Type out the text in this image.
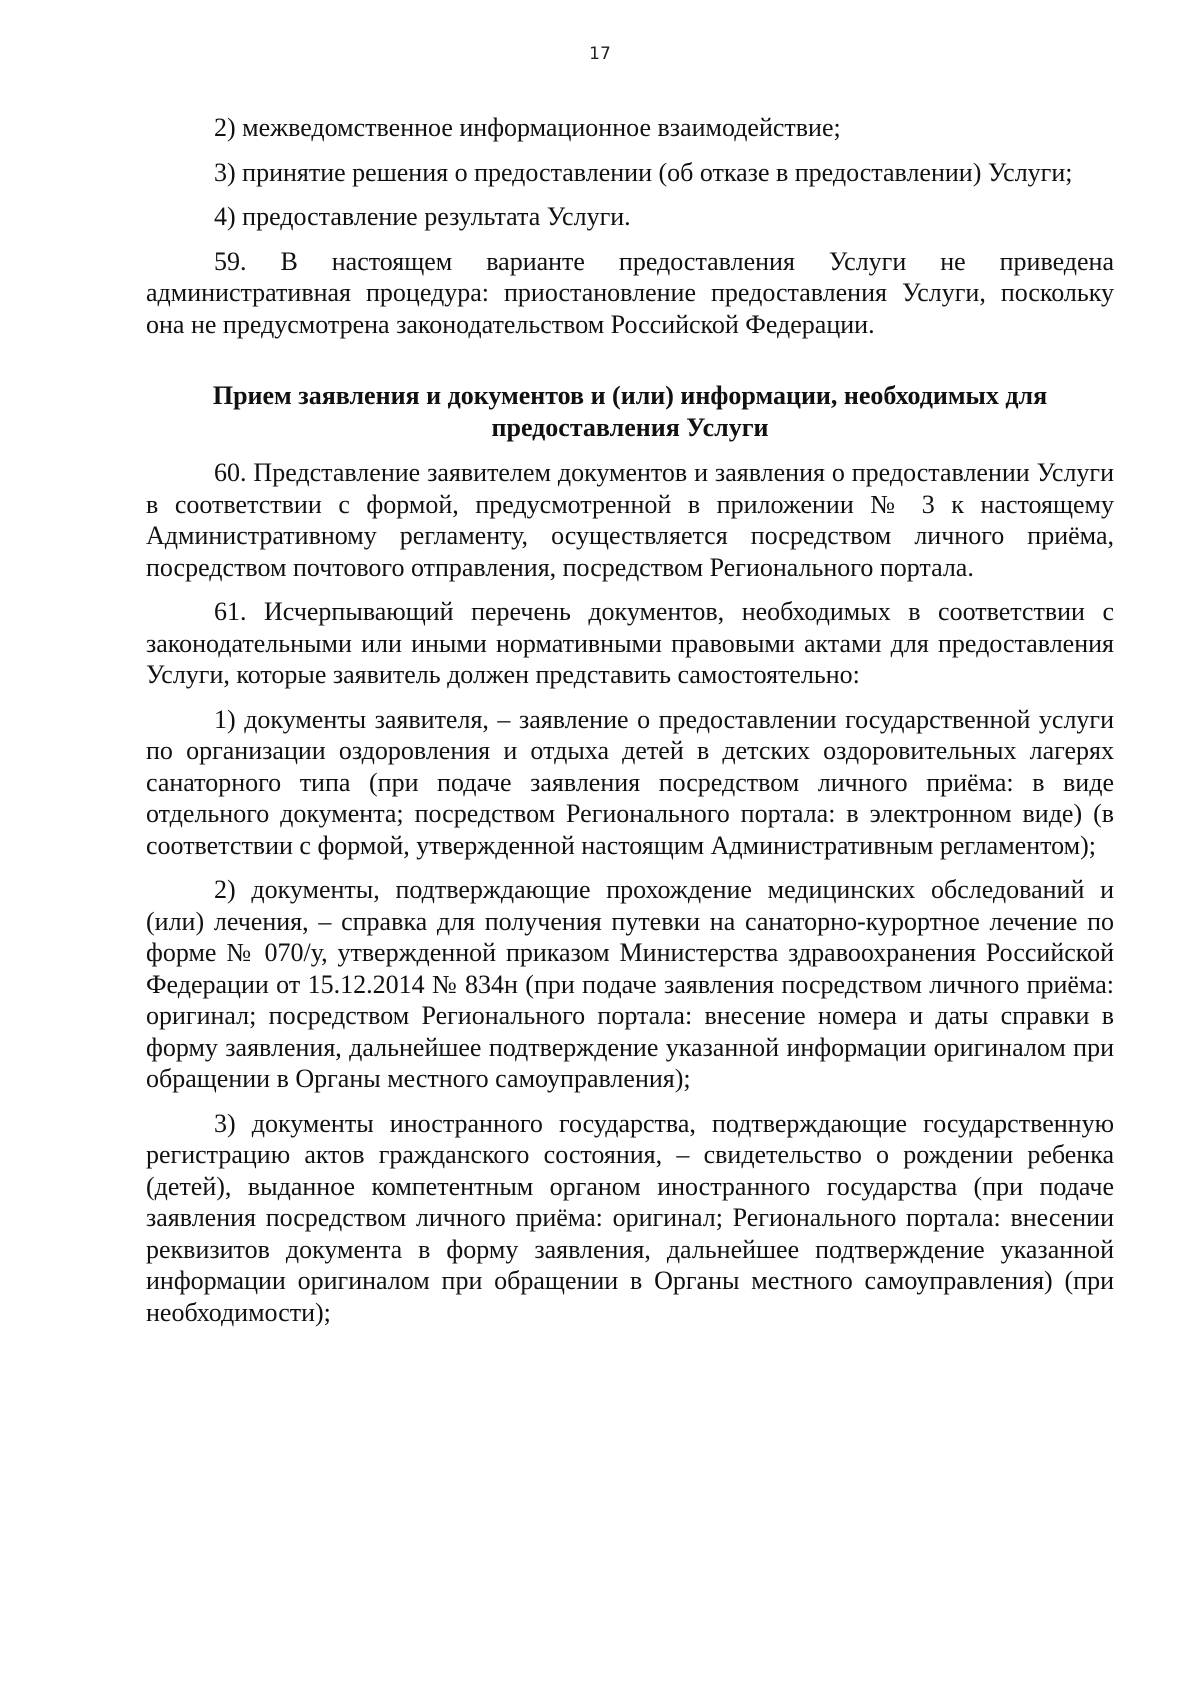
17

2) межведомственное информационное взаимодействие;

3) принятие решения о предоставлении (об отказе в предоставлении) Услуги;

4) предоставление результата Услуги.

59. В настоящем варианте предоставления Услуги не приведена административная процедура: приостановление предоставления Услуги, поскольку она не предусмотрена законодательством Российской Федерации.

Прием заявления и документов и (или) информации, необходимых для предоставления Услуги

60. Представление заявителем документов и заявления о предоставлении Услуги в соответствии с формой, предусмотренной в приложении № 3 к настоящему Административному регламенту, осуществляется посредством личного приёма, посредством почтового отправления, посредством Регионального портала.

61. Исчерпывающий перечень документов, необходимых в соответствии с законодательными или иными нормативными правовыми актами для предоставления Услуги, которые заявитель должен представить самостоятельно:

1) документы заявителя, – заявление о предоставлении государственной услуги по организации оздоровления и отдыха детей в детских оздоровительных лагерях санаторного типа (при подаче заявления посредством личного приёма: в виде отдельного документа; посредством Регионального портала: в электронном виде) (в соответствии с формой, утвержденной настоящим Административным регламентом);

2) документы, подтверждающие прохождение медицинских обследований и (или) лечения, – справка для получения путевки на санаторно-курортное лечение по форме № 070/у, утвержденной приказом Министерства здравоохранения Российской Федерации от 15.12.2014 № 834н (при подаче заявления посредством личного приёма: оригинал; посредством Регионального портала: внесение номера и даты справки в форму заявления, дальнейшее подтверждение указанной информации оригиналом при обращении в Органы местного самоуправления);

3) документы иностранного государства, подтверждающие государственную регистрацию актов гражданского состояния, – свидетельство о рождении ребенка (детей), выданное компетентным органом иностранного государства (при подаче заявления посредством личного приёма: оригинал; Регионального портала: внесении реквизитов документа в форму заявления, дальнейшее подтверждение указанной информации оригиналом при обращении в Органы местного самоуправления) (при необходимости);
